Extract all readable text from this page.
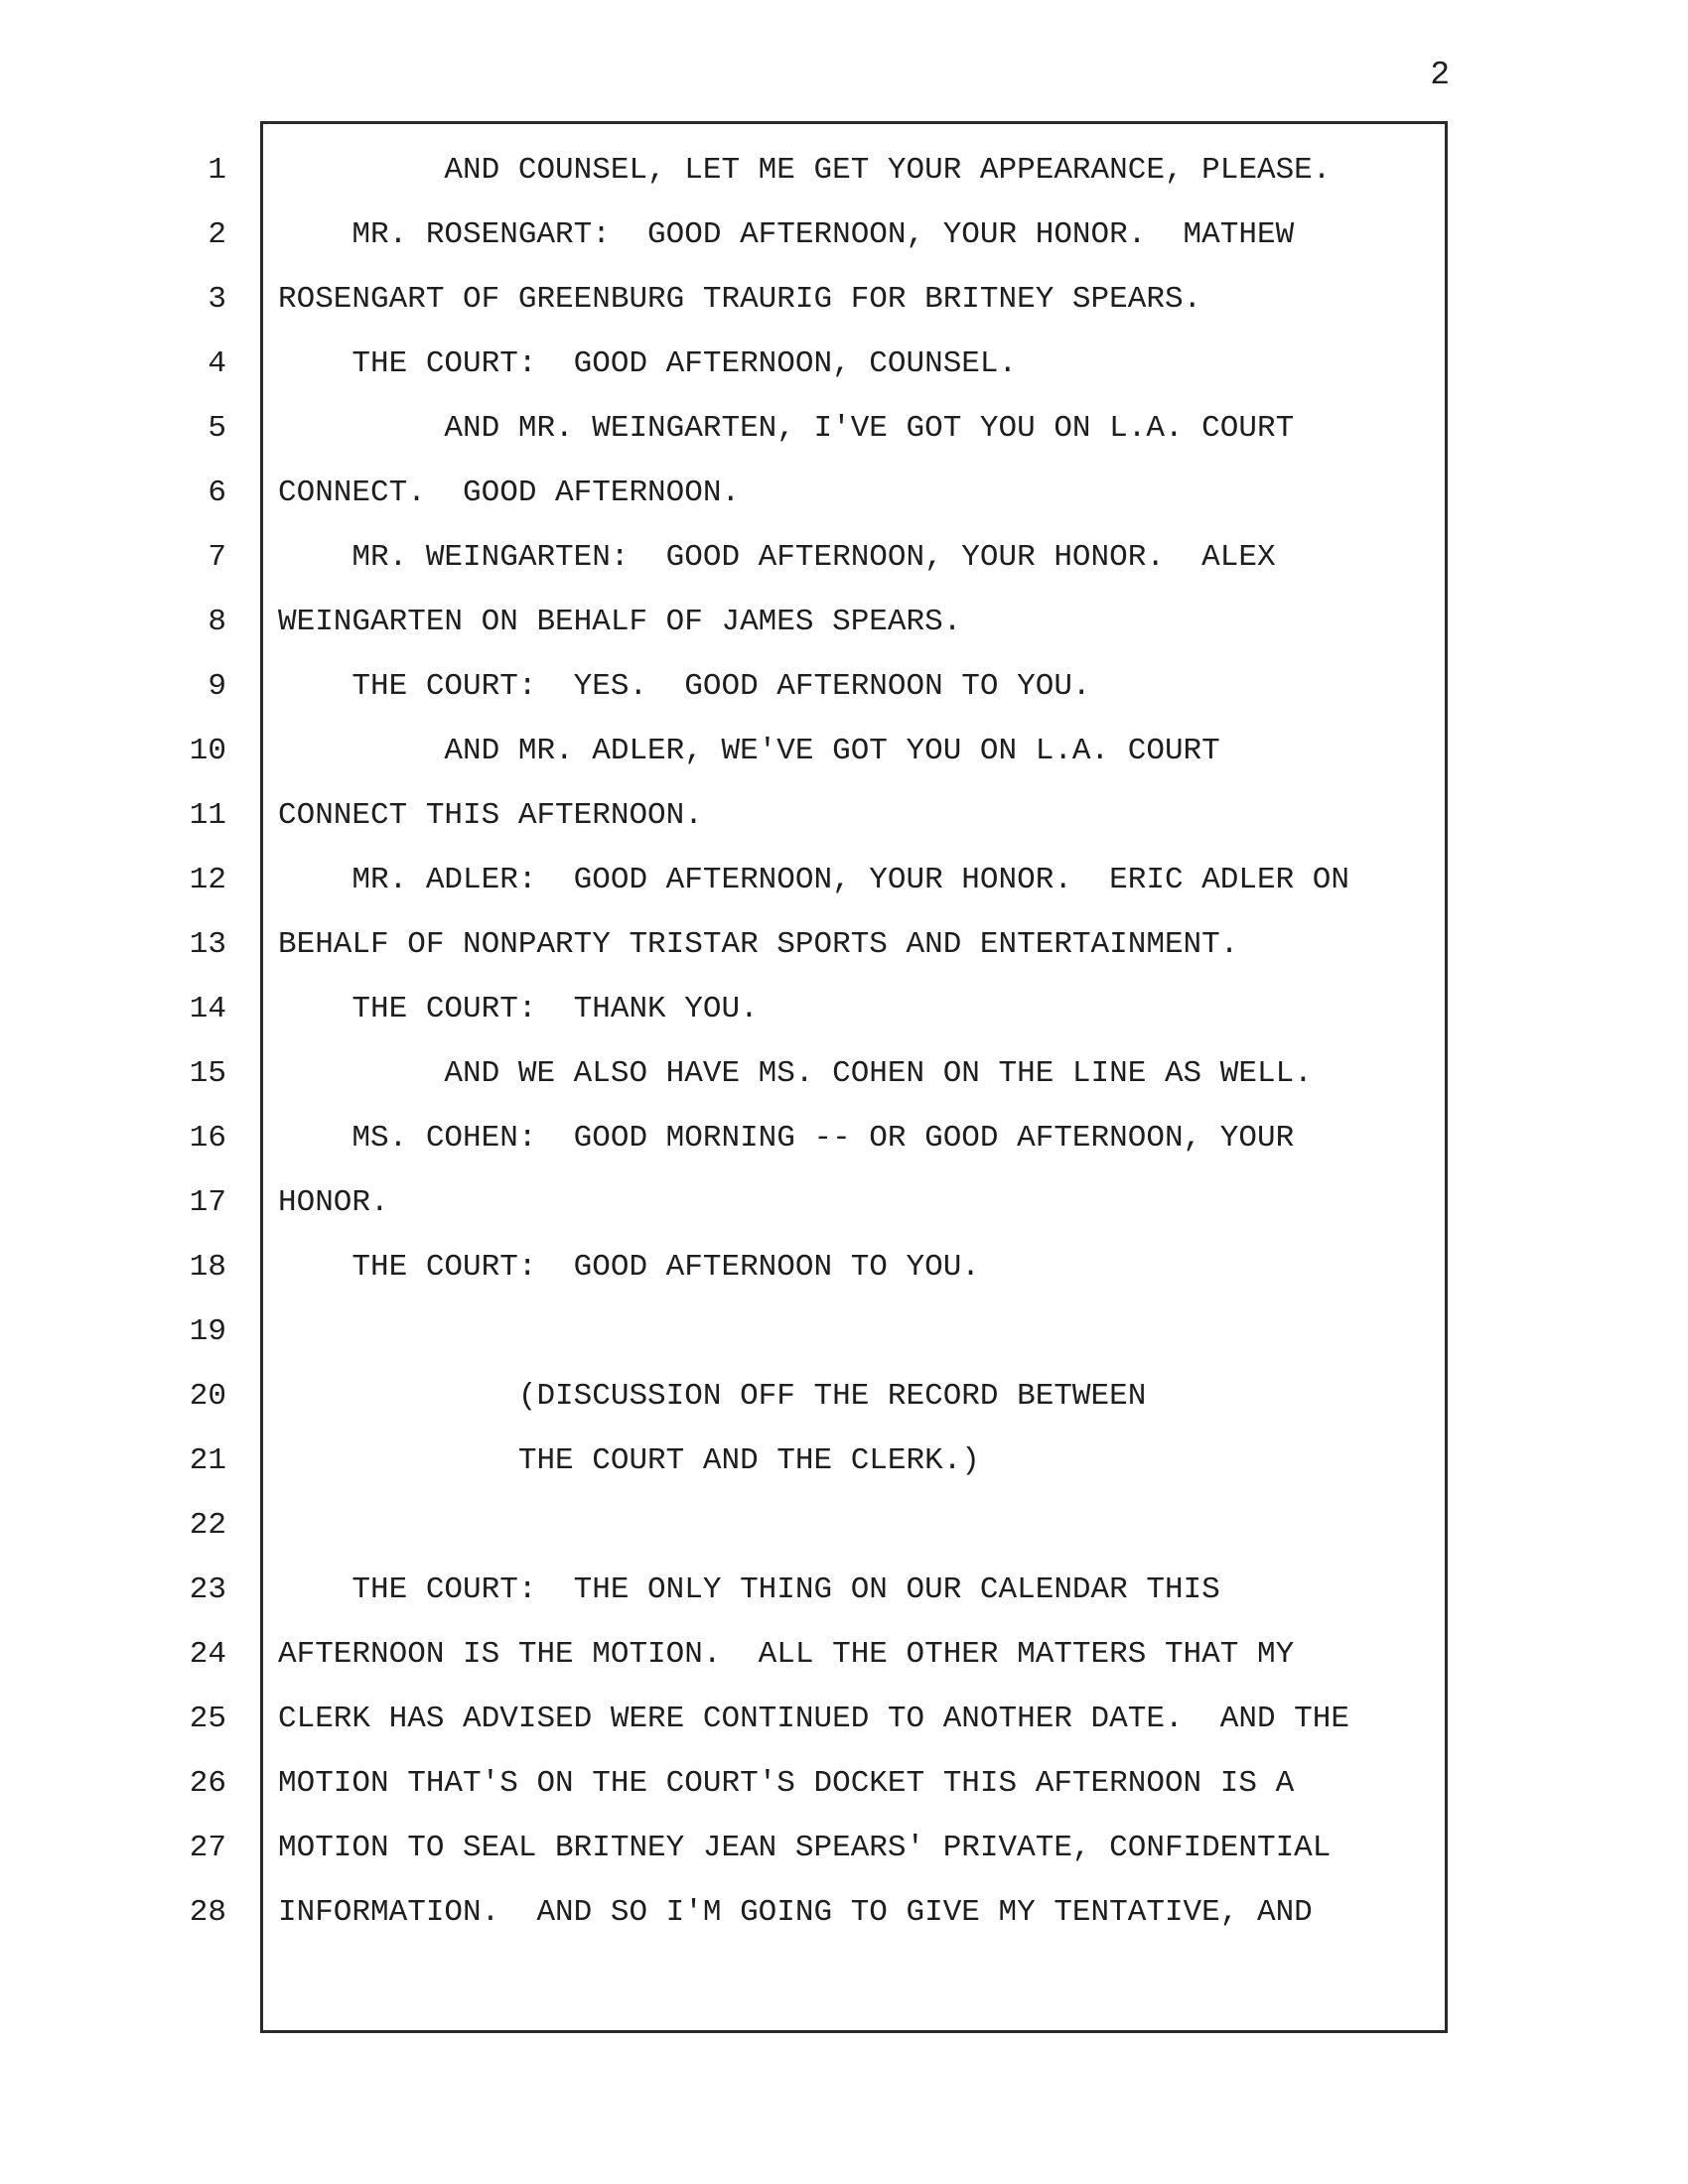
2
1
2
3
4
5
6
7
8
9
10
11
12
13
14
15
16
17
18
19
20
21
22
23
24
25
26
27
28
AND COUNSEL, LET ME GET YOUR APPEARANCE, PLEASE.
MR. ROSENGART:  GOOD AFTERNOON, YOUR HONOR.  MATHEW
ROSENGART OF GREENBURG TRAURIG FOR BRITNEY SPEARS.
THE COURT:  GOOD AFTERNOON, COUNSEL.
AND MR. WEINGARTEN, I'VE GOT YOU ON L.A. COURT
CONNECT.  GOOD AFTERNOON.
MR. WEINGARTEN:  GOOD AFTERNOON, YOUR HONOR.  ALEX
WEINGARTEN ON BEHALF OF JAMES SPEARS.
THE COURT:  YES.  GOOD AFTERNOON TO YOU.
AND MR. ADLER, WE'VE GOT YOU ON L.A. COURT
CONNECT THIS AFTERNOON.
MR. ADLER:  GOOD AFTERNOON, YOUR HONOR.  ERIC ADLER ON
BEHALF OF NONPARTY TRISTAR SPORTS AND ENTERTAINMENT.
THE COURT:  THANK YOU.
AND WE ALSO HAVE MS. COHEN ON THE LINE AS WELL.
MS. COHEN:  GOOD MORNING -- OR GOOD AFTERNOON, YOUR
HONOR.
THE COURT:  GOOD AFTERNOON TO YOU.
(DISCUSSION OFF THE RECORD BETWEEN
THE COURT AND THE CLERK.)
THE COURT:  THE ONLY THING ON OUR CALENDAR THIS
AFTERNOON IS THE MOTION.  ALL THE OTHER MATTERS THAT MY
CLERK HAS ADVISED WERE CONTINUED TO ANOTHER DATE.  AND THE
MOTION THAT'S ON THE COURT'S DOCKET THIS AFTERNOON IS A
MOTION TO SEAL BRITNEY JEAN SPEARS' PRIVATE, CONFIDENTIAL
INFORMATION.  AND SO I'M GOING TO GIVE MY TENTATIVE, AND
